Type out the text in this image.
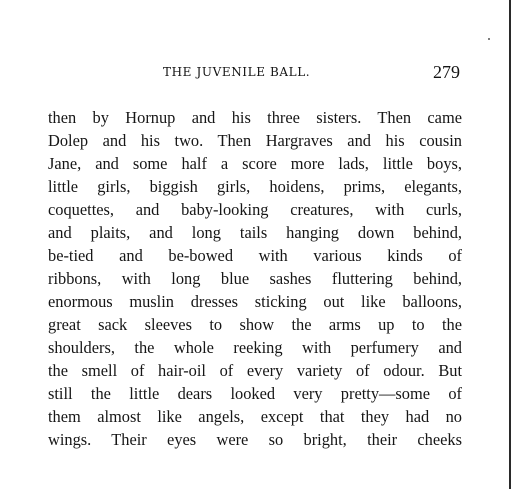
THE JUVENILE BALL.	279
then by Hornup and his three sisters. Then came
Dolep and his two. Then Hargraves and his cousin
Jane, and some half a score more lads, little boys,
little girls, biggish girls, hoidens, prims, elegants,
coquettes, and baby-looking creatures, with curls,
and plaits, and long tails hanging down behind,
be-tied and be-bowed with various kinds of
ribbons, with long blue sashes fluttering behind,
enormous muslin dresses sticking out like balloons,
great sack sleeves to show the arms up to the
shoulders, the whole reeking with perfumery and
the smell of hair-oil of every variety of odour. But
still the little dears looked very pretty—some of
them almost like angels, except that they had no
wings. Their eyes were so bright, their cheeks
